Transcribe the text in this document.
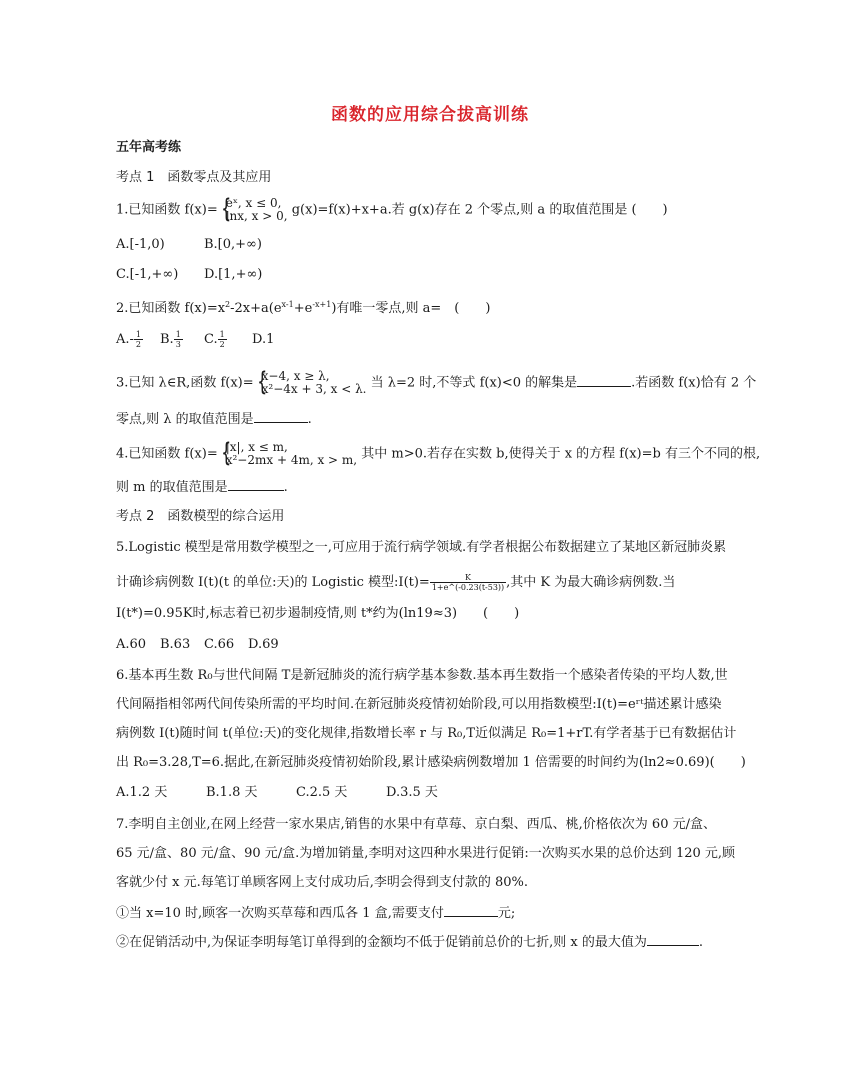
函数的应用综合拔高训练
五年高考练
考点 1　函数零点及其应用
1.已知函数 f(x)= {
eˣ, x ≤ 0,
lnx, x > 0, g(x)=f(x)+x+a.若 g(x)存在 2 个零点,则 a 的取值范围是 (　　)
A.[-1,0)	B.[0,+∞)
C.[-1,+∞) D.[1,+∞)
2.已知函数 $f(x)=x^2-2x+a(e^{x-1}+e^{-x+1})$有唯一零点,则 a=　(　　)
$A.- \frac{1}{2} B$. $\frac{1}{3} C$. $\frac{1}{2} D.1$
3.已知 λ∈R,函数 f(x)= {
x−4, x ≥ λ,
x²−4x + 3, x < λ. 当 λ=2 时,不等式 f(x)<0 的解集是	.若函数 f(x)恰有 2 个
零点,则 λ 的取值范围是	.
4.已知函数 f(x)= {
|x|, x ≤ m,
x²−2mx + 4m, x > m, 其中 m>0.若存在实数 b,使得关于 x 的方程 f(x)=b 有三个不同的根,
则 m 的取值范围是	.
考点 2　函数模型的综合运用
5.Logistic 模型是常用数学模型之一,可应用于流行病学领域.有学者根据公布数据建立了某地区新冠肺炎累
计确诊病例数 I(t)(t 的单位:天)的 Logistic 模型:I(t)= $\frac{K}{1+e\^{}(-0.23(t-53))}$ ,其中 K 为最大确诊病例数.当
I(t*)=0.95K时,标志着已初步遏制疫情,则 t*约为(ln19≈3)　　(　　)
A.60 B.63 C.66 D.69
6.基本再生数 R₀与世代间隔 T是新冠肺炎的流行病学基本参数.基本再生数指一个感染者传染的平均人数,世
代间隔指相邻两代间传染所需的平均时间.在新冠肺炎疫情初始阶段,可以用指数模型:I(t)=eʳᵗ描述累计感染
病例数 I(t)随时间 t(单位:天)的变化规律,指数增长率 r 与 R₀,T近似满足 R₀=1+rT.有学者基于已有数据估计
出 R₀=3.28,T=6.据此,在新冠肺炎疫情初始阶段,累计感染病例数增加 1 倍需要的时间约为(ln2≈0.69)(　　)
A.1.2 天	B.1.8 天	C.2.5 天	D.3.5 天
7.李明自主创业,在网上经营一家水果店,销售的水果中有草莓、京白梨、西瓜、桃,价格依次为 60 元/盒、
65 元/盒、80 元/盒、90 元/盒.为增加销量,李明对这四种水果进行促销:一次购买水果的总价达到 120 元,顾
客就少付 x 元.每笔订单顾客网上支付成功后,李明会得到支付款的 80%.
①当 x=10 时,顾客一次购买草莓和西瓜各 1 盒,需要支付	元;
②在促销活动中,为保证李明每笔订单得到的金额均不低于促销前总价的七折,则 x 的最大值为	.
